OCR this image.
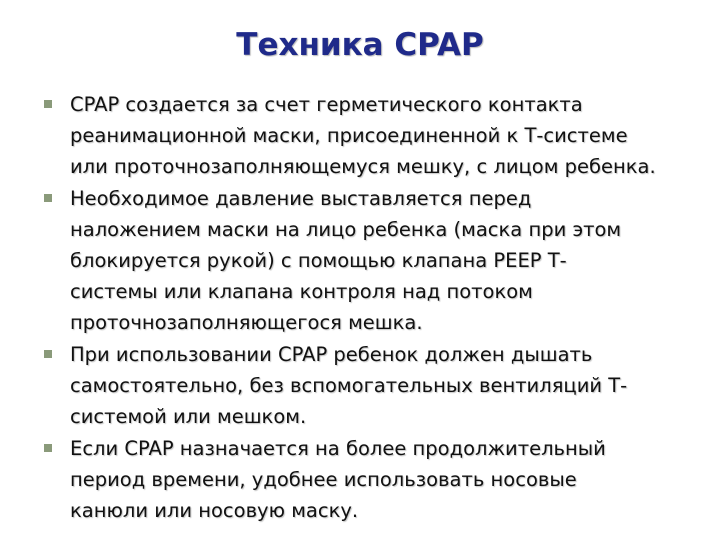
Техника CPAP
CPAP создается за счет герметического контакта
реанимационной маски, присоединенной к Т-системе
или проточнозаполняющемуся мешку, с лицом ребенка.
Необходимое давление выставляется перед
наложением маски на лицо ребенка (маска при этом
блокируется рукой) с помощью клапана PEEP Т-
системы или клапана контроля над потоком
проточнозаполняющегося мешка.
При использовании CPAP ребенок должен дышать
самостоятельно, без вспомогательных вентиляций Т-
системой или мешком.
Если CPAP назначается на более продолжительный
период времени, удобнее использовать носовые
канюли или носовую маску.
